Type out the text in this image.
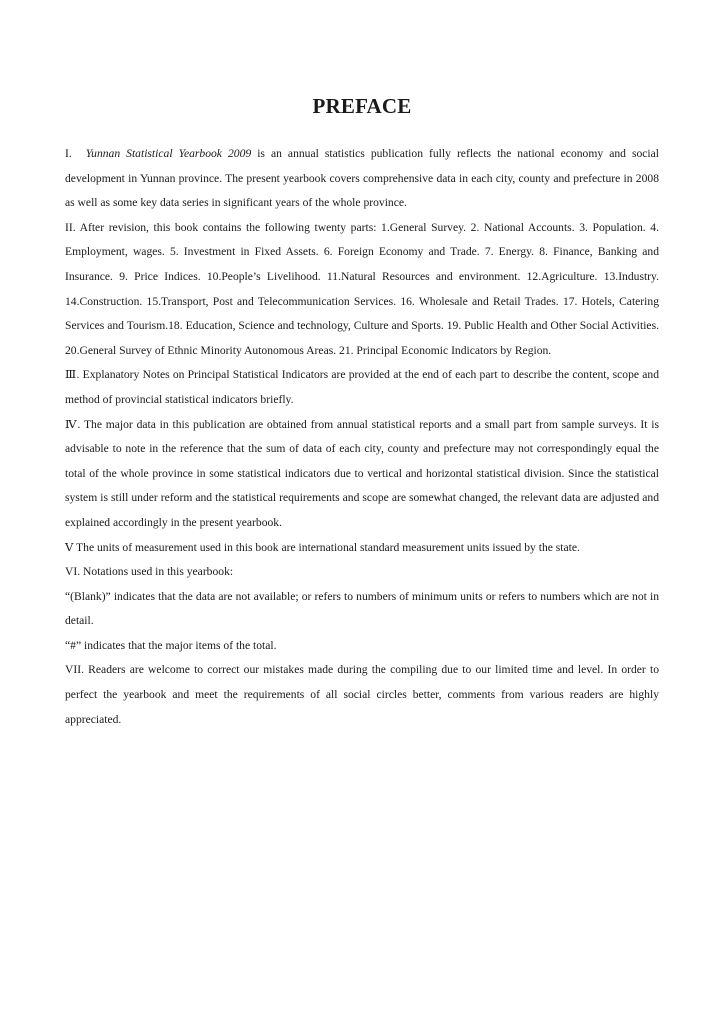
PREFACE

I. Yunnan Statistical Yearbook 2009 is an annual statistics publication fully reflects the national economy and social development in Yunnan province. The present yearbook covers comprehensive data in each city, county and prefecture in 2008 as well as some key data series in significant years of the whole province.

II. After revision, this book contains the following twenty parts: 1.General Survey. 2. National Accounts. 3. Population. 4. Employment, wages. 5. Investment in Fixed Assets. 6. Foreign Economy and Trade. 7. Energy. 8. Finance, Banking and Insurance. 9. Price Indices. 10.People’s Livelihood. 11.Natural Resources and environment. 12.Agriculture. 13.Industry. 14.Construction. 15.Transport, Post and Telecommunication Services. 16. Wholesale and Retail Trades. 17. Hotels, Catering Services and Tourism.18. Education, Science and technology, Culture and Sports. 19. Public Health and Other Social Activities. 20.General Survey of Ethnic Minority Autonomous Areas. 21. Principal Economic Indicators by Region.

Ⅲ. Explanatory Notes on Principal Statistical Indicators are provided at the end of each part to describe the content, scope and method of provincial statistical indicators briefly.

Ⅳ. The major data in this publication are obtained from annual statistical reports and a small part from sample surveys. It is advisable to note in the reference that the sum of data of each city, county and prefecture may not correspondingly equal the total of the whole province in some statistical indicators due to vertical and horizontal statistical division. Since the statistical system is still under reform and the statistical requirements and scope are somewhat changed, the relevant data are adjusted and explained accordingly in the present yearbook.

Ⅴ The units of measurement used in this book are international standard measurement units issued by the state.

VI. Notations used in this yearbook:

“(Blank)” indicates that the data are not available; or refers to numbers of minimum units or refers to numbers which are not in detail.

“#” indicates that the major items of the total.

VII. Readers are welcome to correct our mistakes made during the compiling due to our limited time and level. In order to perfect the yearbook and meet the requirements of all social circles better, comments from various readers are highly appreciated.
